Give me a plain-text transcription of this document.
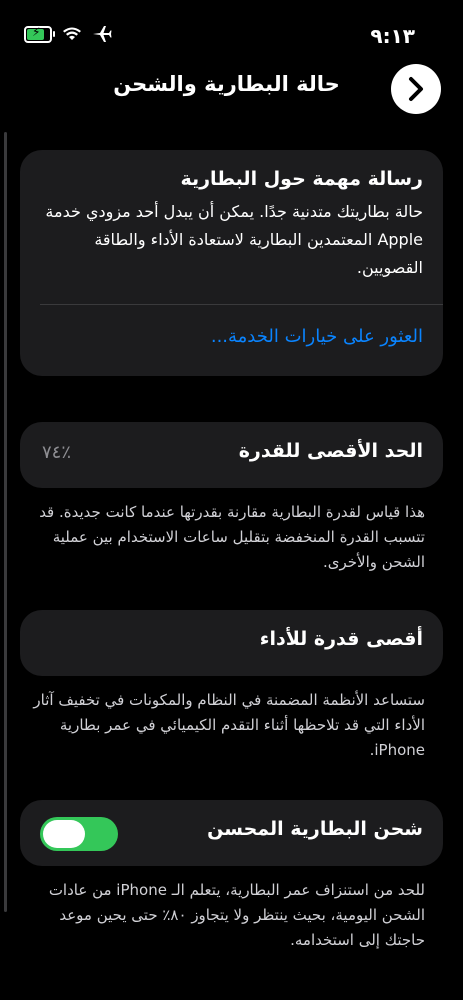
٩:١٣
⚡
حالة البطارية والشحن
رسالة مهمة حول البطارية
حالة بطاريتك متدنية جدًا. يمكن أن يبدل أحد مزودي خدمة Apple المعتمدين البطارية لاستعادة الأداء والطاقة القصويين.
العثور على خيارات الخدمة...
الحد الأقصى للقدرة
٪٧٤
هذا قياس لقدرة البطارية مقارنة بقدرتها عندما كانت جديدة. قد تتسبب القدرة المنخفضة بتقليل ساعات الاستخدام بين عملية الشحن والأخرى.
أقصى قدرة للأداء
ستساعد الأنظمة المضمنة في النظام والمكونات في تخفيف آثار الأداء التي قد تلاحظها أثناء التقدم الكيميائي في عمر بطارية iPhone.
شحن البطارية المحسن
للحد من استنزاف عمر البطارية، يتعلم الـ iPhone من عادات الشحن اليومية، بحيث ينتظر ولا يتجاوز ٨٠٪ حتى يحين موعد حاجتك إلى استخدامه.
